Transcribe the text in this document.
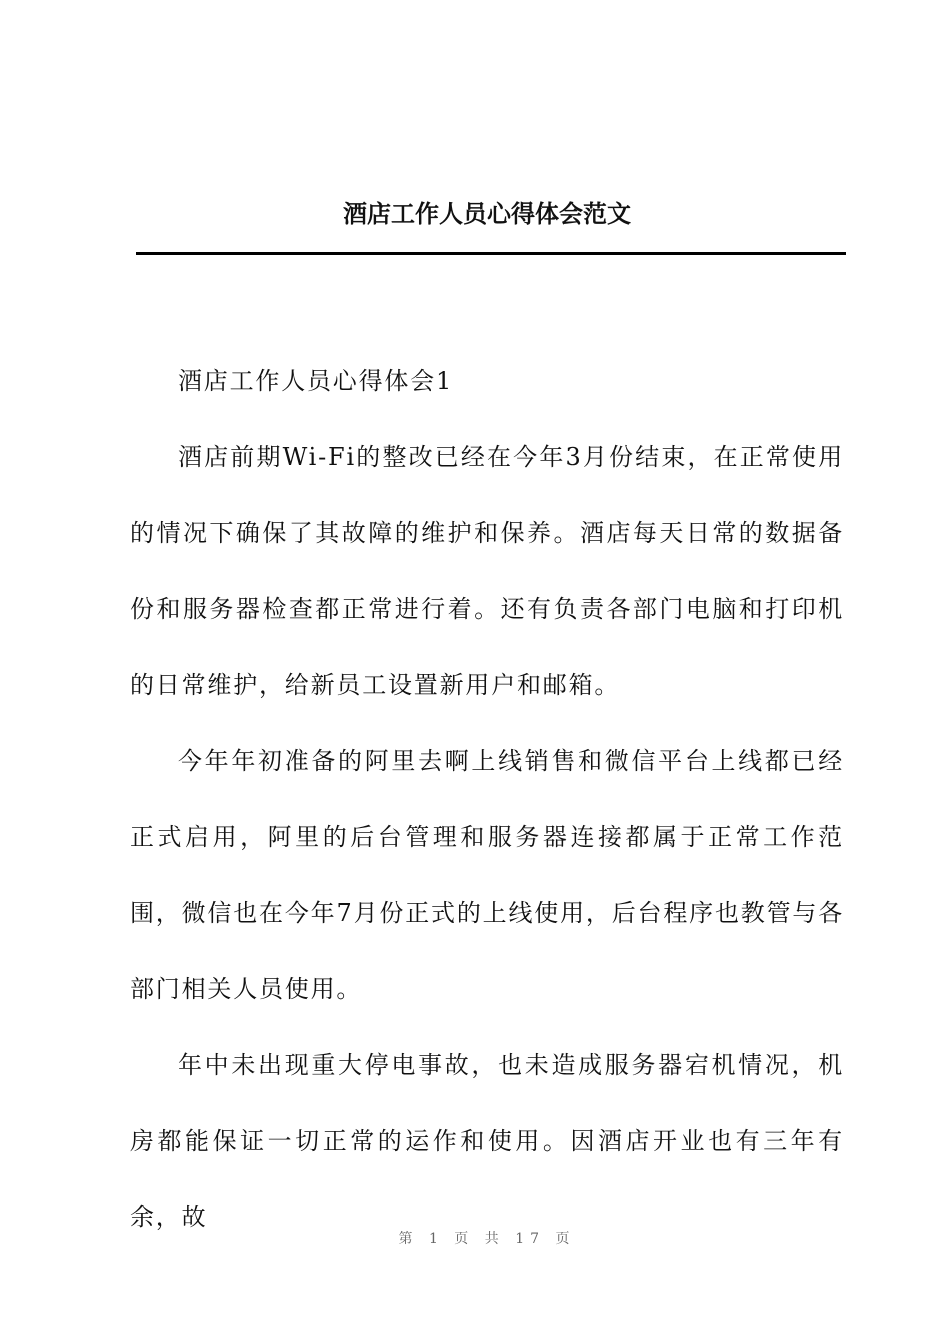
酒店工作人员心得体会范文

酒店工作人员心得体会1

酒店前期Wi-Fi的整改已经在今年3月份结束，在正常使用的情况下确保了其故障的维护和保养。酒店每天日常的数据备份和服务器检查都正常进行着。还有负责各部门电脑和打印机的日常维护，给新员工设置新用户和邮箱。

今年年初准备的阿里去啊上线销售和微信平台上线都已经正式启用，阿里的后台管理和服务器连接都属于正常工作范围，微信也在今年7月份正式的上线使用，后台程序也教管与各部门相关人员使用。

年中未出现重大停电事故，也未造成服务器宕机情况，机房都能保证一切正常的运作和使用。因酒店开业也有三年有余，故

第 1 页 共 17 页
